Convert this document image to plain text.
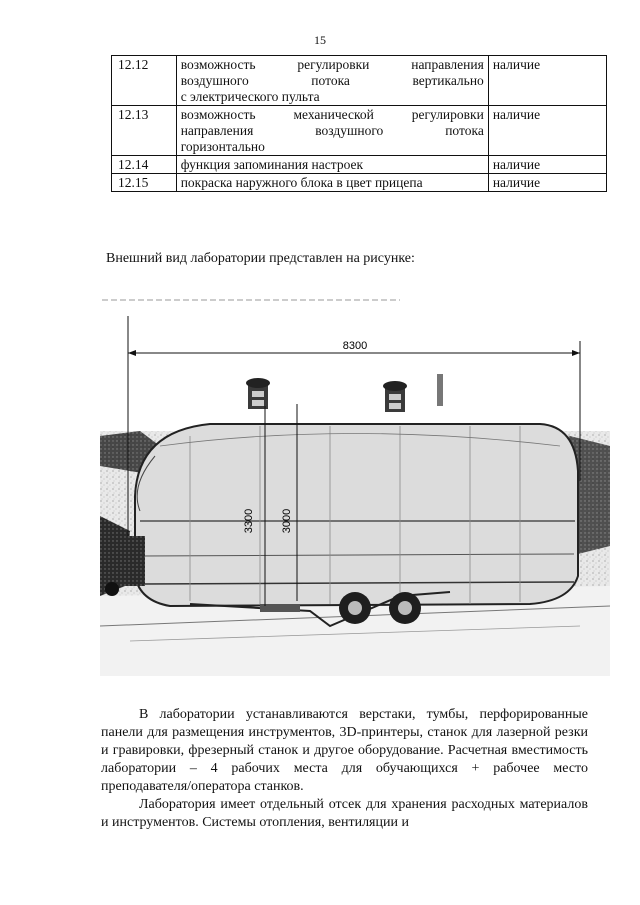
15
12.12	возможность регулировки направления
воздушного потока вертикально
с электрического пульта	наличие
12.13	возможность механической регулировки
направления воздушного потока
горизонтально	наличие
12.14	функция запоминания настроек	наличие
12.15	покраска наружного блока в цвет прицепа	наличие
Внешний вид лаборатории представлен на рисунке:
8300
3300 3000

В лаборатории устанавливаются верстаки, тумбы, перфорированные панели для размещения инструментов, 3D-принтеры, станок для лазерной резки и гравировки, фрезерный станок и другое оборудование. Расчетная вместимость лаборатории – 4 рабочих места для обучающихся + рабочее место преподавателя/оператора станков.

Лаборатория имеет отдельный отсек для хранения расходных материалов и инструментов. Системы отопления, вентиляции и
